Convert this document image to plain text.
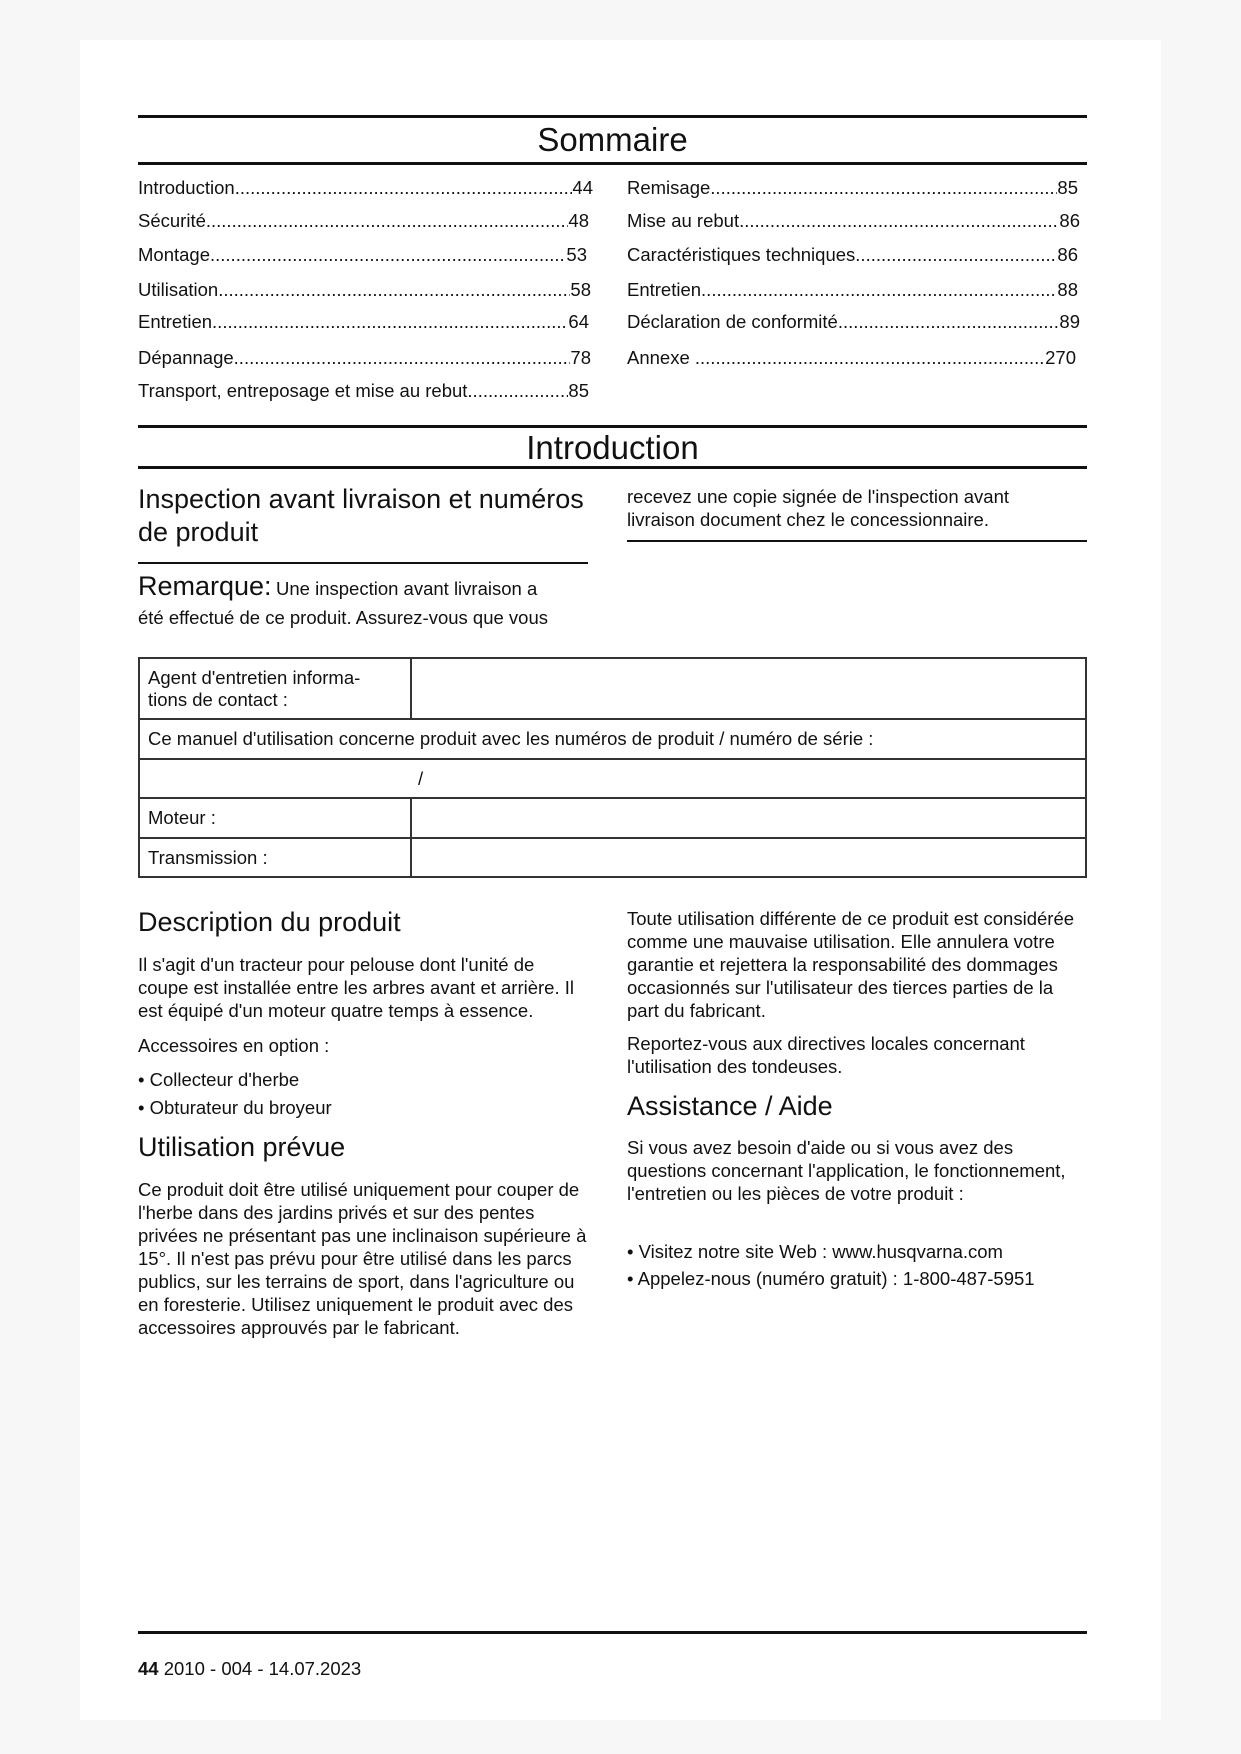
Sommaire
Introduction .....	44
Sécurité .....	48
Montage .....	53
Utilisation .....	58
Entretien .....	64
Dépannage .....	78
Transport, entreposage et mise au rebut .....	85
Remisage .....	85
Mise au rebut .....	86
Caractéristiques techniques .....	86
Entretien .....	88
Déclaration de conformité .....	89
Annexe .....	270
Introduction
Inspection avant livraison et numéros de produit
Remarque: Une inspection avant livraison a
été effectué de ce produit. Assurez-vous que vous
recevez une copie signée de l'inspection avant livraison document chez le concessionnaire.
Agent d'entretien informa- tions de contact :	
Ce manuel d'utilisation concerne produit avec les numéros de produit / numéro de série :	
/	
Moteur :	
Transmission :	
Description du produit
Il s'agit d'un tracteur pour pelouse dont l'unité de coupe est installée entre les arbres avant et arrière. Il est équipé d'un moteur quatre temps à essence.
Accessoires en option :
• Collecteur d'herbe
• Obturateur du broyeur
Utilisation prévue
Ce produit doit être utilisé uniquement pour couper de l'herbe dans des jardins privés et sur des pentes privées ne présentant pas une inclinaison supérieure à 15°. Il n'est pas prévu pour être utilisé dans les parcs publics, sur les terrains de sport, dans l'agriculture ou en foresterie. Utilisez uniquement le produit avec des accessoires approuvés par le fabricant.
Toute utilisation différente de ce produit est considérée comme une mauvaise utilisation. Elle annulera votre garantie et rejettera la responsabilité des dommages occasionnés sur l'utilisateur des tierces parties de la part du fabricant.
Reportez-vous aux directives locales concernant l'utilisation des tondeuses.
Assistance / Aide
Si vous avez besoin d'aide ou si vous avez des questions concernant l'application, le fonctionnement, l'entretien ou les pièces de votre produit :
• Visitez notre site Web : www.husqvarna.com
• Appelez-nous (numéro gratuit) : 1-800-487-5951
44 2010 - 004 - 14.07.2023
